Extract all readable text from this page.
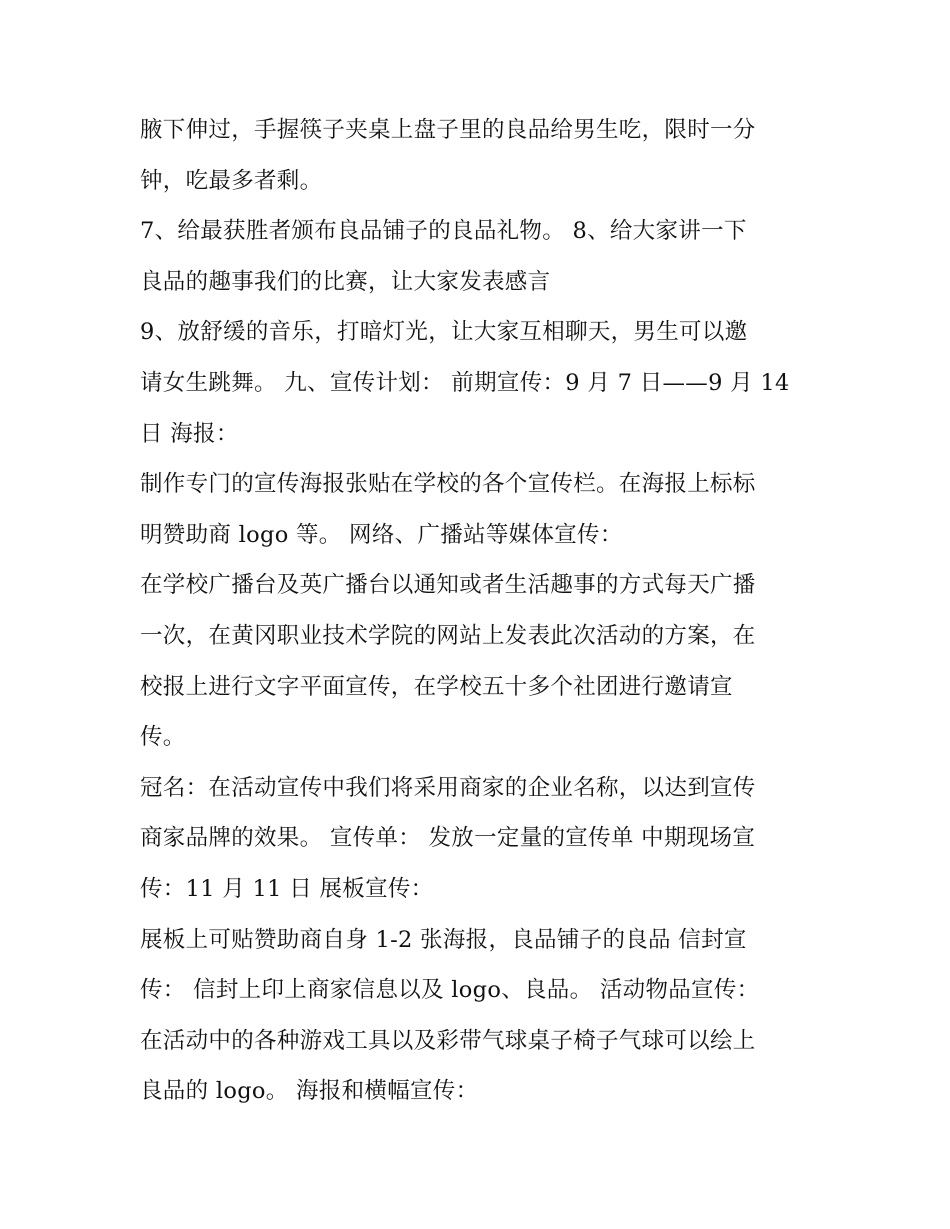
腋下伸过，手握筷子夹桌上盘子里的良品给男生吃，限时一分
钟，吃最多者剩。
7、给最获胜者颁布良品铺子的良品礼物。 8、给大家讲一下
良品的趣事我们的比赛，让大家发表感言
9、放舒缓的音乐，打暗灯光，让大家互相聊天，男生可以邀
请女生跳舞。 九、宣传计划： 前期宣传：9 月 7 日——9 月 14
日 海报：
制作专门的宣传海报张贴在学校的各个宣传栏。在海报上标标
明赞助商 logo 等。 网络、广播站等媒体宣传：
在学校广播台及英广播台以通知或者生活趣事的方式每天广播
一次，在黄冈职业技术学院的网站上发表此次活动的方案，在
校报上进行文字平面宣传，在学校五十多个社团进行邀请宣
传。
冠名：在活动宣传中我们将采用商家的企业名称，以达到宣传
商家品牌的效果。 宣传单： 发放一定量的宣传单 中期现场宣
传：11 月 11 日 展板宣传：
展板上可贴赞助商自身 1-2 张海报，良品铺子的良品 信封宣
传： 信封上印上商家信息以及 logo、良品。 活动物品宣传：
在活动中的各种游戏工具以及彩带气球桌子椅子气球可以绘上
良品的 logo。 海报和横幅宣传：
